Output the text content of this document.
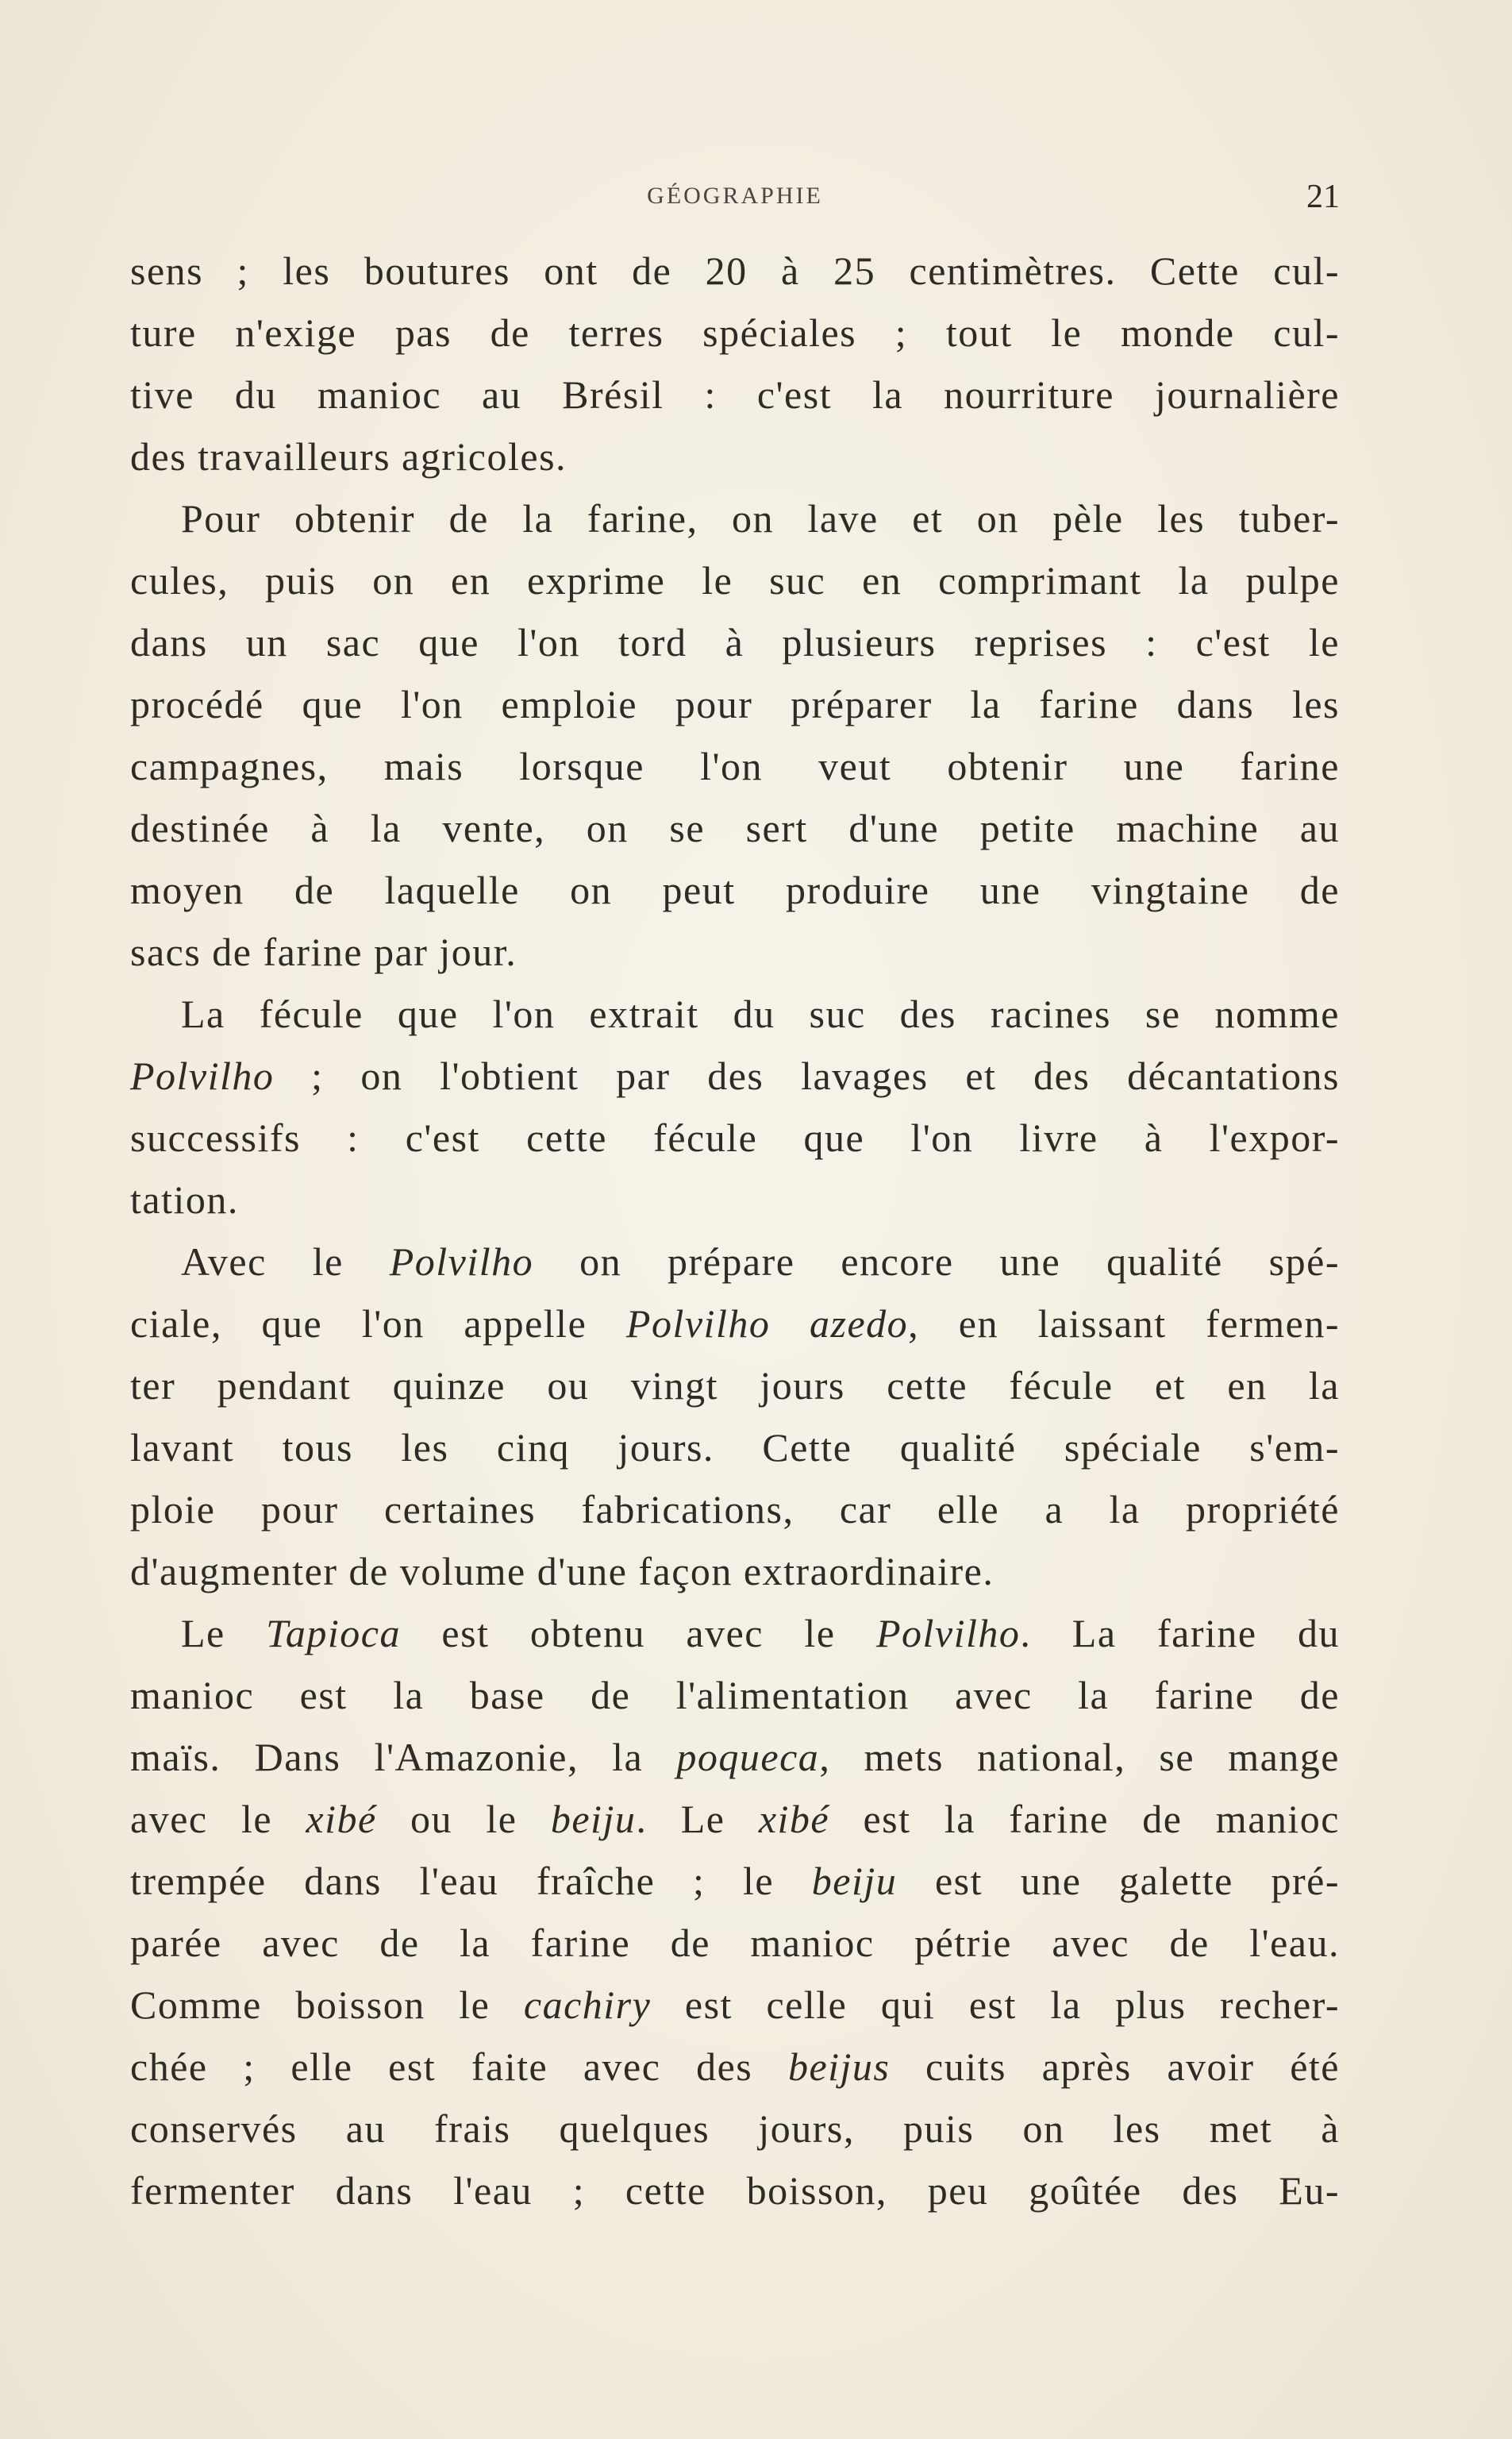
GÉOGRAPHIE	21
sens ; les boutures ont de 20 à 25 centimètres. Cette cul-
ture n'exige pas de terres spéciales ; tout le monde cul-
tive du manioc au Brésil : c'est la nourriture journalière
des travailleurs agricoles.
Pour obtenir de la farine, on lave et on pèle les tuber-
cules, puis on en exprime le suc en comprimant la pulpe
dans un sac que l'on tord à plusieurs reprises : c'est le
procédé que l'on emploie pour préparer la farine dans les
campagnes, mais lorsque l'on veut obtenir une farine
destinée à la vente, on se sert d'une petite machine au
moyen de laquelle on peut produire une vingtaine de
sacs de farine par jour.
La fécule que l'on extrait du suc des racines se nomme
Polvilho ; on l'obtient par des lavages et des décantations
successifs : c'est cette fécule que l'on livre à l'expor-
tation.
Avec le Polvilho on prépare encore une qualité spé-
ciale, que l'on appelle Polvilho azedo, en laissant fermen-
ter pendant quinze ou vingt jours cette fécule et en la
lavant tous les cinq jours. Cette qualité spéciale s'em-
ploie pour certaines fabrications, car elle a la propriété
d'augmenter de volume d'une façon extraordinaire.
Le Tapioca est obtenu avec le Polvilho. La farine du
manioc est la base de l'alimentation avec la farine de
maïs. Dans l'Amazonie, la poqueca, mets national, se mange
avec le xibé ou le beiju. Le xibé est la farine de manioc
trempée dans l'eau fraîche ; le beiju est une galette pré-
parée avec de la farine de manioc pétrie avec de l'eau.
Comme boisson le cachiry est celle qui est la plus recher-
chée ; elle est faite avec des beijus cuits après avoir été
conservés au frais quelques jours, puis on les met à
fermenter dans l'eau ; cette boisson, peu goûtée des Eu-
